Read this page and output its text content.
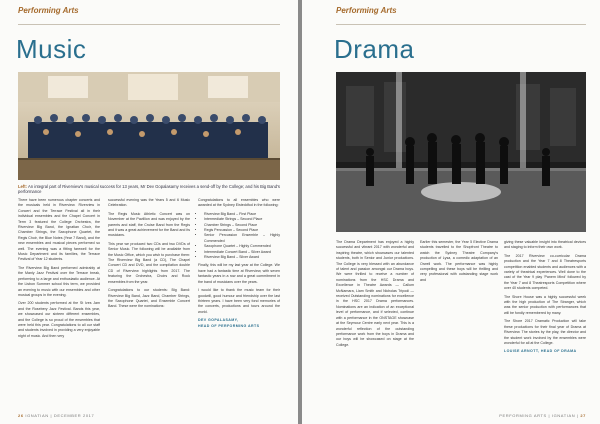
Performing Arts
Music
Left: An integral part of Riverview's musical success for 13 years, Mr Dev Gopalasamy receives a send-off by the College; and his Big Band's performance

There have been numerous chapter concerts and the musicals held in Riverview. Riverview in Concert and the Terrace Festival all in their individual ensembles and the Chapel Concert in Term 3 featured the College Orchestra, the Riverview Big Band, the Ignatian Choir, the Chamber Strings, the Saxophone Quartet, the Regis Choir, the Blue Notes (Year 7 Band), and the new ensembles and musical pieces performed so well. The evening was a fitting farewell for the Music Department and its families, the Terrace Festival of Year 12 students.

The Riverview Big Band performed admirably at the Manly Jazz Festival over the Terrace break, performing to a large and enthusiastic audience. At the Lisbon Summer school this term, we provided an evening to music with our ensembles and other musical groups in the evening.

Over 200 students performed at the St Ives Jam and the Rosebery Jazz Festival. Bands this year, we showcased our sixteen different ensembles, and the College is so proud of the ensembles that were held this year. Congratulations to all our staff and students involved in providing a very enjoyable night of music. And then very

successful evening was the Years 5 and 6 Music Celebration.

The Regis Music Athletic Concert was on November at the Pavillion and was enjoyed by the parents and staff, the Cruise Band from the Regis and it was a great achievement for the Band and its musicians.

This year we produced two CDs and two DVDs of Senior Music. The following will be available from the Music Office, which you wish to purchase them: The Riverview Big Band (a CD), The Chapel Concert CD and DVD, and the compilation double CD of Riverview highlights from 2017. The featuring the Orchestra, Choirs and Rock ensembles from the year.

Congratulations to our students: Big Band: Riverview Big Band, Jazz Band, Chamber Strings, the Saxophone Quartet, and Ensemble Concert Band. These were the nominations:

Congratulations to all ensembles who were awarded at the Sydney Eisteddfod in the following:

• Riverview Big Band – First Place
• Intermediate Strings – Second Place
• Chamber Strings – Second Place
• Regis Percussion – Second Place
• Senior Percussion Ensemble – Highly Commended
• Saxophone Quartet – Highly Commended
• Intermediate Concert Band – Silver Award
• Riverview Big Band – Silver Award

Finally, this will be my last year at the College. We have had a fantastic time at Riverview, with seven fantastic years in a row and a great commitment in the band of musicians over the years.

I would like to thank the music team for their goodwill, good humour and friendship over the last thirteen years. I have been very fond memories of the concerts, productions and tours around the world.

DEV GOPALASAMY,
HEAD OF PERFORMING ARTS
26 IGNATIAN | DECEMBER 2017
Performing Arts
Drama

The Drama Department has enjoyed a highly successful and vibrant 2017 with wonderful and inspiring theatre, which showcases our talented students, both in Senior and Junior productions. The College is very blessed with an abundance of talent and passion amongst our Drama boys. We were thrilled to receive a number of nominations from the HSC Drama and Excellence in Theatre Awards — Callum McNamara, Liam Smith and Nicholas Tripodi — received Outstanding nominations for excellence in the HSC 2017 Drama performances. Nominations are an indication of an exceptional level of performance, and if selected, continue with a performance in the ONSTAGE showcase at the Seymour Centre early next year. This is a wonderful reflection of the outstanding performance work from the boys in Drama and our boys will be showcased on stage at the College.

Earlier this semester, the Year 5 Elective Drama students travelled to the Shopfront Theatre to watch the Sydney Theatre Company's production of Lysa, a comedic adaptation of an Orwell work. The performance was highly compelling and these boys will be thrilling and very professional with outstanding stage work and

giving these valuable insight into theatrical devices and staging to inform their own work.

The 2017 Riverview co-curricular Drama production and the Year 7 and 8 Theatresports competition enabled students and audiences with a variety of theatrical experiences. Well done to the cast of the Year 9 play 'Panem Mind' followed by the Year 7 and 8 Theatresports Competition where over 40 students competed.

The Shore House was a highly successful week with the high production of The Stranger, which was the senior production with performances that will be fondly remembered by many.

The Shore 2017 Dramatic Production will take these productions for their final year of Drama at Riverview. The stories by the play, the director and the student work involved by the ensembles were wonderful for all at the College.

LOUISE ARNOTT, HEAD OF DRAMA
PERFORMING ARTS | IGNATIAN | 27
